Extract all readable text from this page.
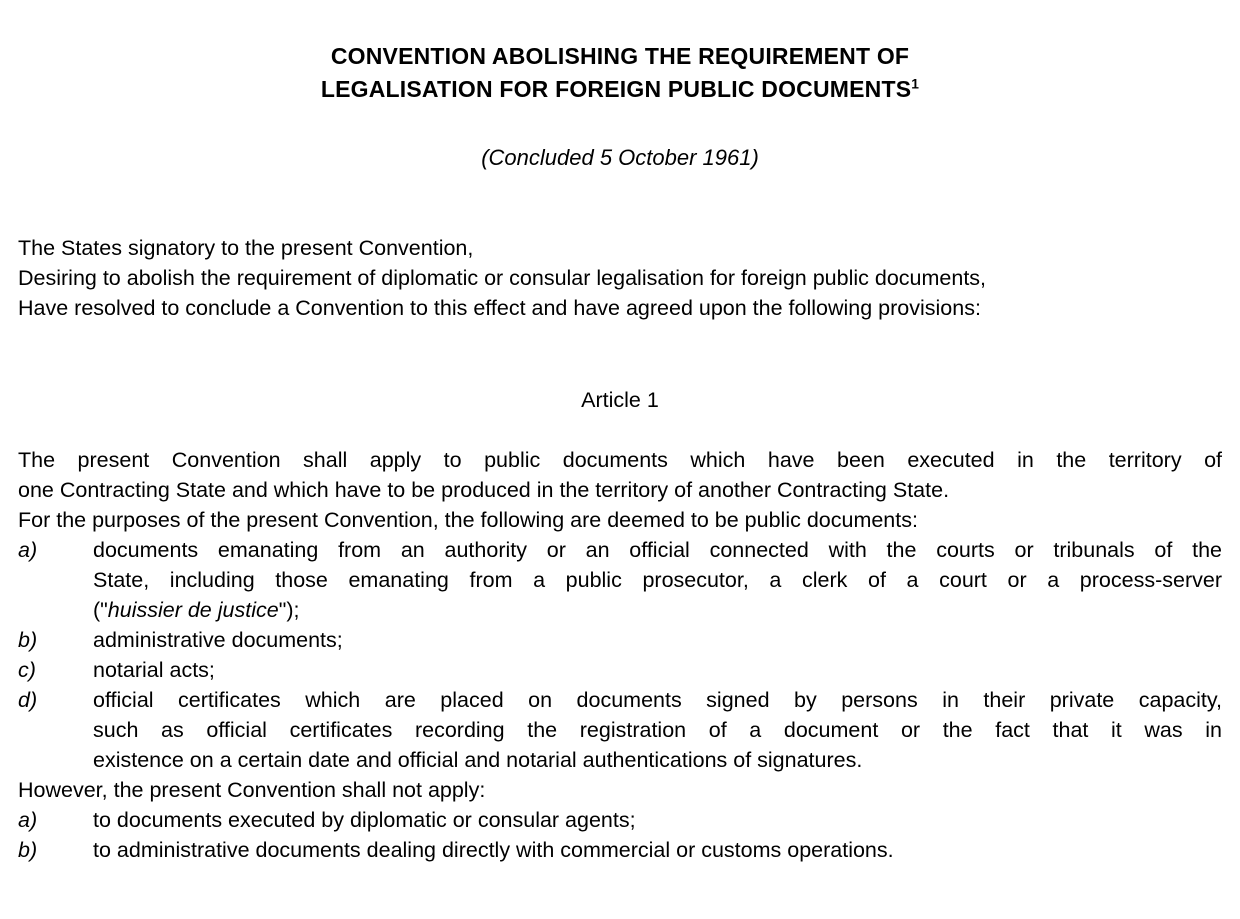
CONVENTION ABOLISHING THE REQUIREMENT OF
LEGALISATION FOR FOREIGN PUBLIC DOCUMENTS$^1$
(Concluded 5 October 1961)
The States signatory to the present Convention,
Desiring to abolish the requirement of diplomatic or consular legalisation for foreign public documents,
Have resolved to conclude a Convention to this effect and have agreed upon the following provisions:
Article 1
The present Convention shall apply to public documents which have been executed in the territory of
one Contracting State and which have to be produced in the territory of another Contracting State.
For the purposes of the present Convention, the following are deemed to be public documents:
a)	documents emanating from an authority or an official connected with the courts or tribunals of the
State, including those emanating from a public prosecutor, a clerk of a court or a process-server
("huissier de justice");
b)	administrative documents;
c)	notarial acts;
d)	official certificates which are placed on documents signed by persons in their private capacity,
such as official certificates recording the registration of a document or the fact that it was in
existence on a certain date and official and notarial authentications of signatures.
However, the present Convention shall not apply:
a)	to documents executed by diplomatic or consular agents;
b)	to administrative documents dealing directly with commercial or customs operations.
